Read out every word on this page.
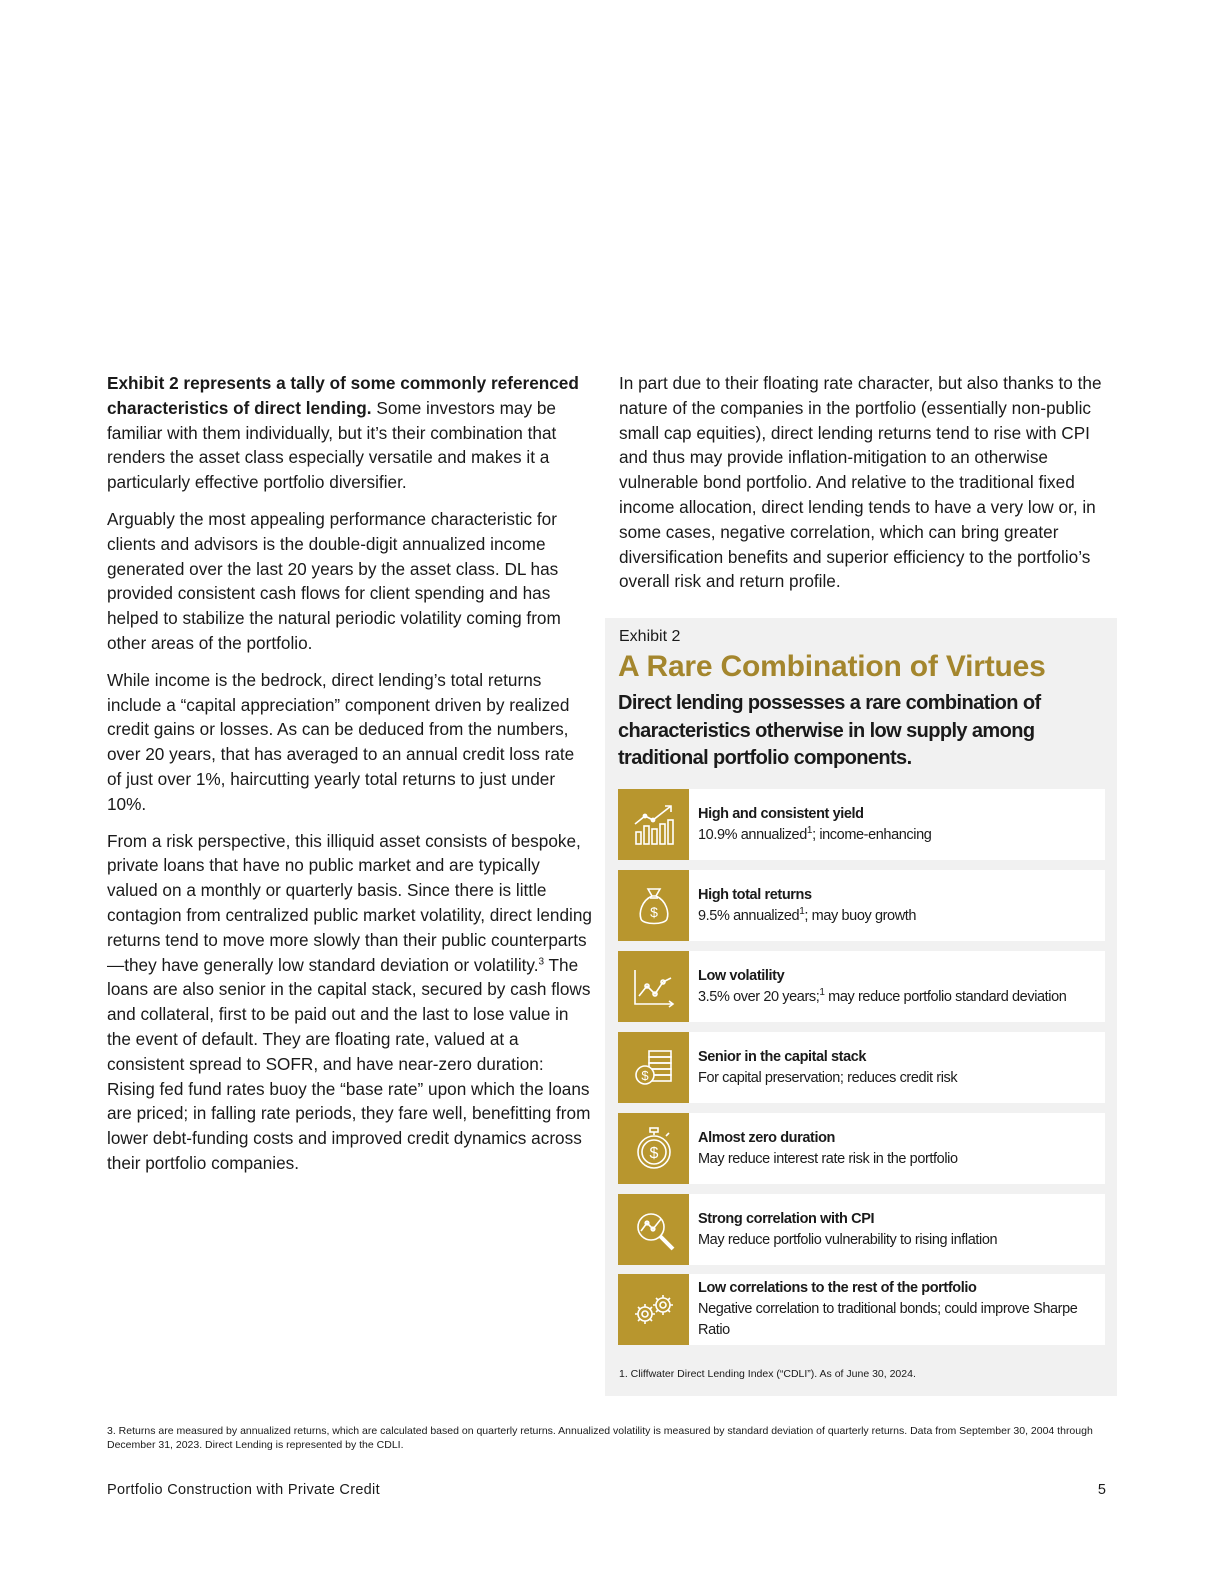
Exhibit 2 represents a tally of some commonly referenced characteristics of direct lending. Some investors may be familiar with them individually, but it’s their combination that renders the asset class especially versatile and makes it a particularly effective portfolio diversifier.

Arguably the most appealing performance characteristic for clients and advisors is the double-digit annualized income generated over the last 20 years by the asset class. DL has provided consistent cash flows for client spending and has helped to stabilize the natural periodic volatility coming from other areas of the portfolio.

While income is the bedrock, direct lending’s total returns include a “capital appreciation” component driven by realized credit gains or losses. As can be deduced from the numbers, over 20 years, that has averaged to an annual credit loss rate of just over 1%, haircutting yearly total returns to just under 10%.

From a risk perspective, this illiquid asset consists of bespoke, private loans that have no public market and are typically valued on a monthly or quarterly basis. Since there is little contagion from centralized public market volatility, direct lending returns tend to move more slowly than their public counterparts—they have generally low standard deviation or volatility.$^3$ The loans are also senior in the capital stack, secured by cash flows and collateral, first to be paid out and the last to lose value in the event of default. They are floating rate, valued at a consistent spread to SOFR, and have near-zero duration: Rising fed fund rates buoy the “base rate” upon which the loans are priced; in falling rate periods, they fare well, benefitting from lower debt-funding costs and improved credit dynamics across their portfolio companies.

In part due to their floating rate character, but also thanks to the nature of the companies in the portfolio (essentially non-public small cap equities), direct lending returns tend to rise with CPI and thus may provide inflation-mitigation to an otherwise vulnerable bond portfolio. And relative to the traditional fixed income allocation, direct lending tends to have a very low or, in some cases, negative correlation, which can bring greater diversification benefits and superior efficiency to the portfolio’s overall risk and return profile.

Exhibit 2
A Rare Combination of Virtues
Direct lending possesses a rare combination of characteristics otherwise in low supply among traditional portfolio components.
High and consistent yield
10.9% annualized$^1$; income-enhancing
$
High total returns
9.5% annualized$^1$; may buoy growth
Low volatility
3.5% over 20 years;$^1$ may reduce portfolio standard deviation
$
Senior in the capital stack
For capital preservation; reduces credit risk
$
Almost zero duration
May reduce interest rate risk in the portfolio
Strong correlation with CPI
May reduce portfolio vulnerability to rising inflation
Low correlations to the rest of the portfolio
Negative correlation to traditional bonds; could improve Sharpe Ratio
1. Cliffwater Direct Lending Index (“CDLI”). As of June 30, 2024.
3. Returns are measured by annualized returns, which are calculated based on quarterly returns. Annualized volatility is measured by standard deviation of quarterly returns. Data from September 30, 2004 through December 31, 2023. Direct Lending is represented by the CDLI.
Portfolio Construction with Private Credit	5
